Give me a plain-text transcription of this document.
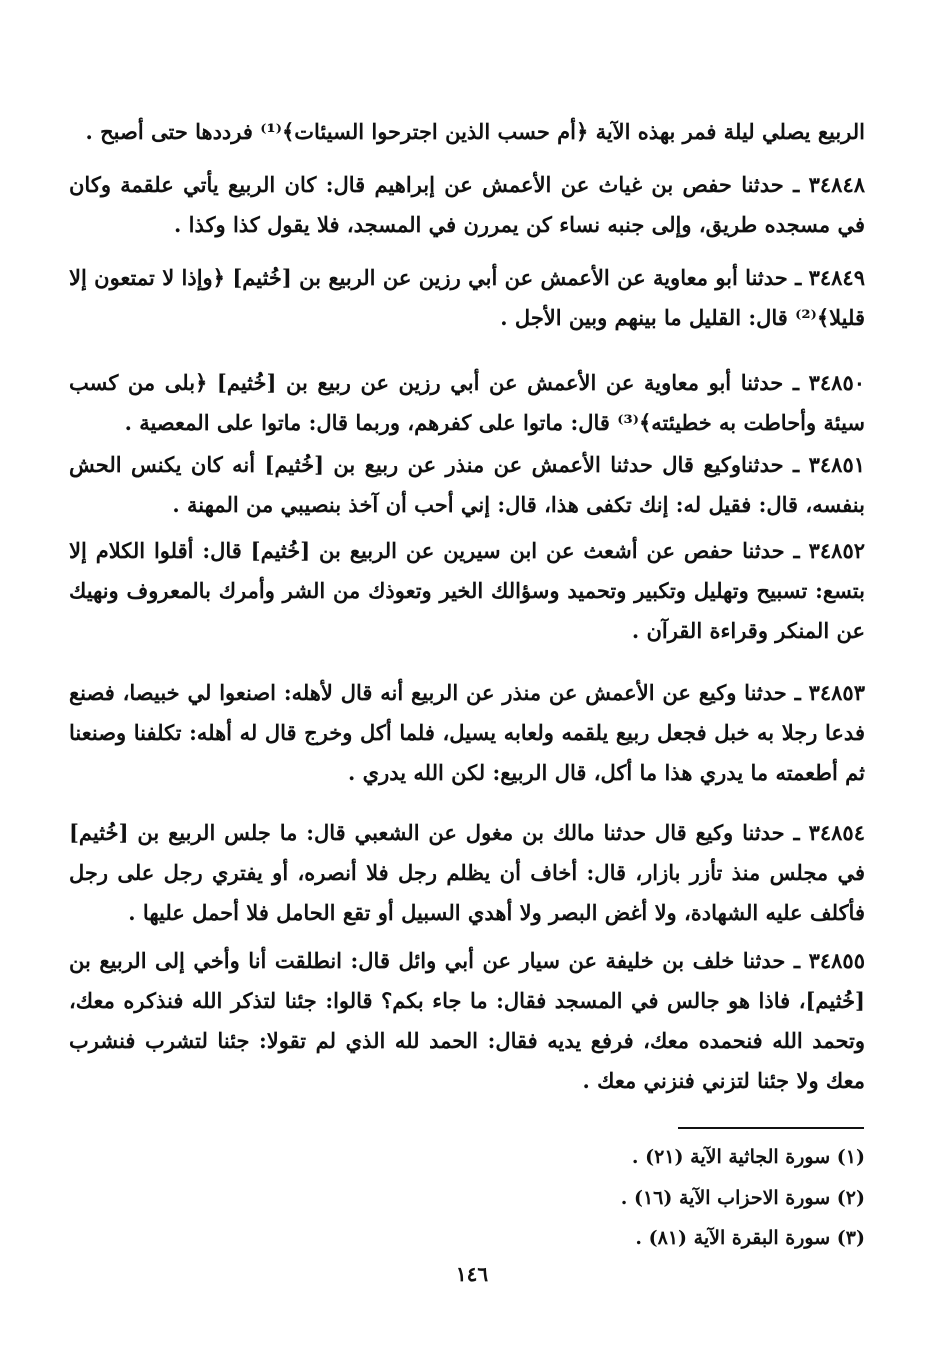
الربيع يصلي ليلة فمر بهذه الآية ﴿أم حسب الذين اجترحوا السيئات﴾⁽¹⁾ فرددها حتى أصبح .
٣٤٨٤٨ ـ حدثنا حفص بن غياث عن الأعمش عن إبراهيم قال: كان الربيع يأتي علقمة وكان في مسجده طريق، وإلى جنبه نساء كن يمررن في المسجد، فلا يقول كذا وكذا .
٣٤٨٤٩ ـ حدثنا أبو معاوية عن الأعمش عن أبي رزين عن الربيع بن [خُثيم] ﴿وإذا لا تمتعون إلا قليلا﴾⁽²⁾ قال: القليل ما بينهم وبين الأجل .
٣٤٨٥٠ ـ حدثنا أبو معاوية عن الأعمش عن أبي رزين عن ربيع بن [خُثيم] ﴿بلى من كسب سيئة وأحاطت به خطيئته﴾⁽³⁾ قال: ماتوا على كفرهم، وربما قال: ماتوا على المعصية .
٣٤٨٥١ ـ حدثناوكيع قال حدثنا الأعمش عن منذر عن ربيع بن [خُثيم] أنه كان يكنس الحش بنفسه، قال: فقيل له: إنك تكفى هذا، قال: إني أحب أن آخذ بنصيبي من المهنة .
٣٤٨٥٢ ـ حدثنا حفص عن أشعث عن ابن سيرين عن الربيع بن [خُثيم] قال: أقلوا الكلام إلا بتسع: تسبيح وتهليل وتكبير وتحميد وسؤالك الخير وتعوذك من الشر وأمرك بالمعروف ونهيك عن المنكر وقراءة القرآن .
٣٤٨٥٣ ـ حدثنا وكيع عن الأعمش عن منذر عن الربيع أنه قال لأهله: اصنعوا لي خبيصا، فصنع فدعا رجلا به خبل فجعل ربيع يلقمه ولعابه يسيل، فلما أكل وخرج قال له أهله: تكلفنا وصنعنا ثم أطعمته ما يدري هذا ما أكل، قال الربيع: لكن الله يدري .
٣٤٨٥٤ ـ حدثنا وكيع قال حدثنا مالك بن مغول عن الشعبي قال: ما جلس الربيع بن [خُثيم] في مجلس منذ تأزر بازار، قال: أخاف أن يظلم رجل فلا أنصره، أو يفتري رجل على رجل فأكلف عليه الشهادة، ولا أغض البصر ولا أهدي السبيل أو تقع الحامل فلا أحمل عليها .
٣٤٨٥٥ ـ حدثنا خلف بن خليفة عن سيار عن أبي وائل قال: انطلقت أنا وأخي إلى الربيع بن [خُثيم]، فاذا هو جالس في المسجد فقال: ما جاء بكم؟ قالوا: جئنا لتذكر الله فنذكره معك، وتحمد الله فنحمده معك، فرفع يديه فقال: الحمد لله الذي لم تقولا: جئنا لتشرب فنشرب معك ولا جئنا لتزني فنزني معك .
(١) سورة الجاثية الآية (٢١) .
(٢) سورة الاحزاب الآية (١٦) .
(٣) سورة البقرة الآية (٨١) .
١٤٦
